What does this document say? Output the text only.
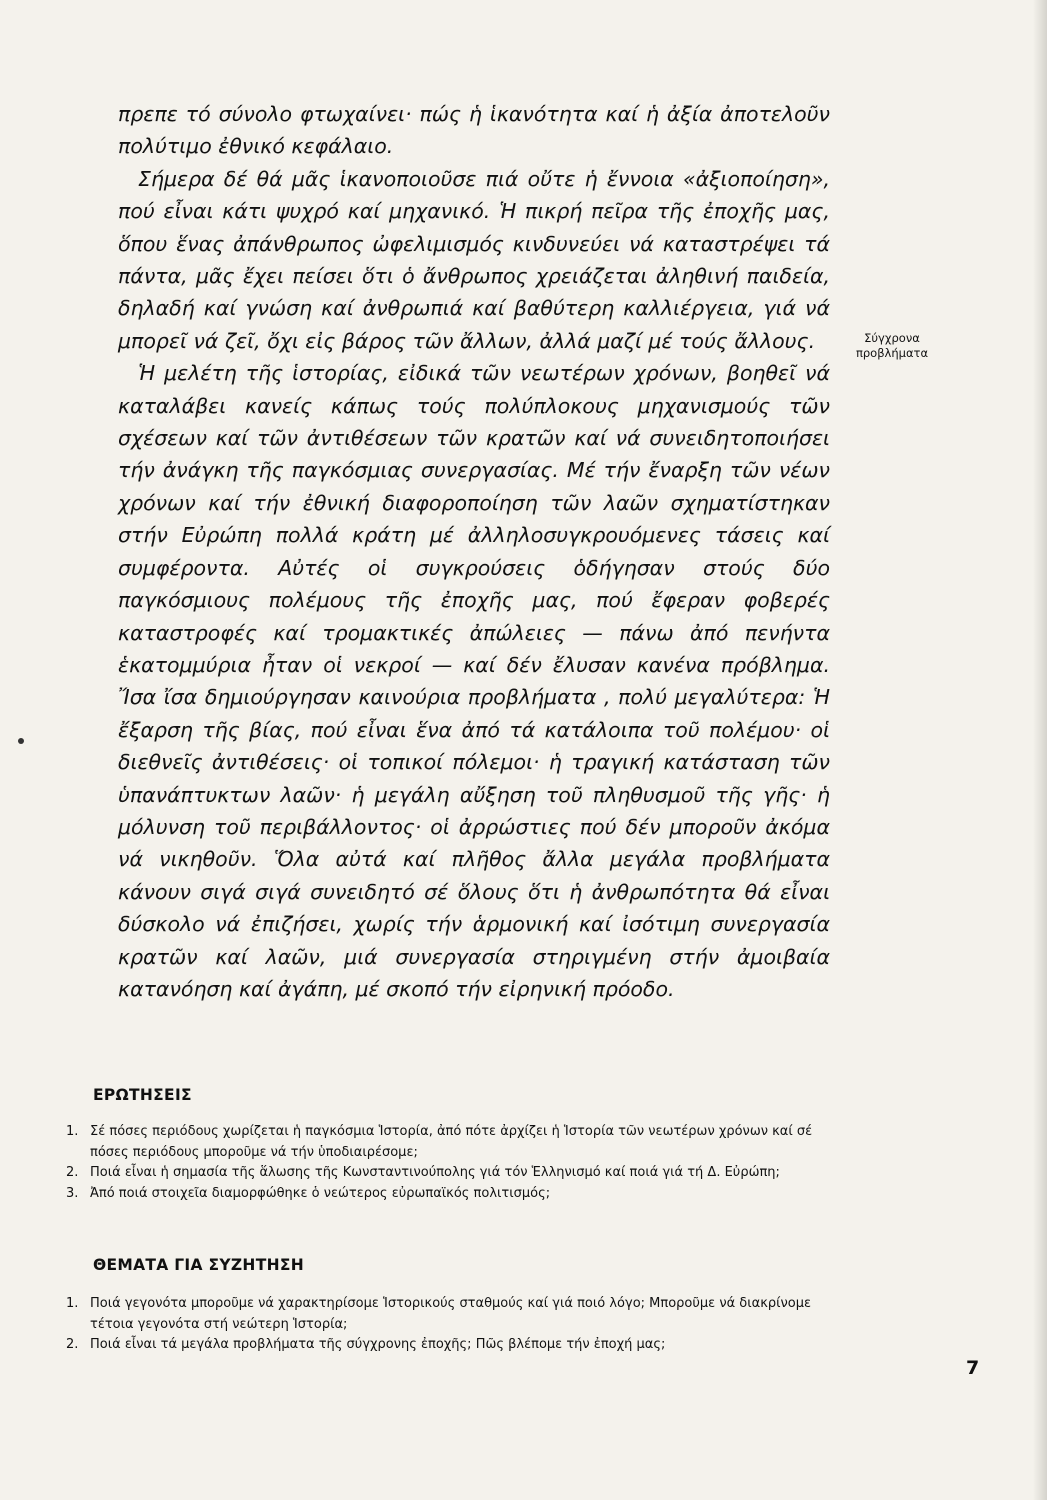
πρεπε τό σύνολο φτωχαίνει· πώς ἡ ἱκανότητα καί ἡ ἀξία ἀποτελοῦν πολύτιμο ἐθνικό κεφάλαιο.

Σήμερα δέ θά μᾶς ἱκανοποιοῦσε πιά οὔτε ἡ ἔννοια «ἀξιοποίηση», πού εἶναι κάτι ψυχρό καί μηχανικό. Ἡ πικρή πεῖρα τῆς ἐποχῆς μας, ὅπου ἕνας ἀπάνθρωπος ὠφελιμισμός κινδυνεύει νά καταστρέψει τά πάντα, μᾶς ἔχει πείσει ὅτι ὁ ἄνθρωπος χρειάζεται ἀληθινή παιδεία, δηλαδή καί γνώση καί ἀνθρωπιά καί βαθύτερη καλλιέργεια, γιά νά μπορεῖ νά ζεῖ, ὄχι εἰς βάρος τῶν ἄλλων, ἀλλά μαζί μέ τούς ἄλλους.

Ἡ μελέτη τῆς ἱστορίας, εἰδικά τῶν νεωτέρων χρόνων, βοηθεῖ νά καταλάβει κανείς κάπως τούς πολύπλοκους μηχανισμούς τῶν σχέσεων καί τῶν ἀντιθέσεων τῶν κρατῶν καί νά συνειδητοποιήσει τήν ἀνάγκη τῆς παγκόσμιας συνεργασίας. Μέ τήν ἔναρξη τῶν νέων χρόνων καί τήν ἐθνική διαφοροποίηση τῶν λαῶν σχηματίστηκαν στήν Εὐρώπη πολλά κράτη μέ ἀλληλοσυγκρουόμενες τάσεις καί συμφέροντα. Αὐτές οἱ συγκρούσεις ὁδήγησαν στούς δύο παγκόσμιους πολέμους τῆς ἐποχῆς μας, πού ἔφεραν φοβερές καταστροφές καί τρομακτικές ἀπώλειες — πάνω ἀπό πενήντα ἑκατομμύρια ἦταν οἱ νεκροί — καί δέν ἔλυσαν κανένα πρόβλημα. Ἴσα ἴσα δημιούργησαν καινούρια προβλήματα , πολύ μεγαλύτερα: Ἡ ἔξαρση τῆς βίας, πού εἶναι ἕνα ἀπό τά κατάλοιπα τοῦ πολέμου· οἱ διεθνεῖς ἀντιθέσεις· οἱ τοπικοί πόλεμοι· ἡ τραγική κατάσταση τῶν ὑπανάπτυκτων λαῶν· ἡ μεγάλη αὔξηση τοῦ πληθυσμοῦ τῆς γῆς· ἡ μόλυνση τοῦ περιβάλλοντος· οἱ ἀρρώστιες πού δέν μποροῦν ἀκόμα νά νικηθοῦν. Ὅλα αὐτά καί πλῆθος ἄλλα μεγάλα προβλήματα κάνουν σιγά σιγά συνειδητό σέ ὅλους ὅτι ἡ ἀνθρωπότητα θά εἶναι δύσκολο νά ἐπιζήσει, χωρίς τήν ἁρμονική καί ἰσότιμη συνεργασία κρατῶν καί λαῶν, μιά συνεργασία στηριγμένη στήν ἀμοιβαία κατανόηση καί ἀγάπη, μέ σκοπό τήν εἰρηνική πρόοδο.

Σύγχρονα
προβλήματα
ΕΡΩΤΗΣΕΙΣ
1. Σέ πόσες περιόδους χωρίζεται ἡ παγκόσμια Ἱστορία, ἀπό πότε ἀρχίζει ἡ Ἱστορία τῶν νεωτέρων χρόνων καί σέ πόσες περιόδους μποροῦμε νά τήν ὑποδιαιρέσομε;
2. Ποιά εἶναι ἡ σημασία τῆς ἅλωσης τῆς Κωνσταντινούπολης γιά τόν Ἑλληνισμό καί ποιά γιά τή Δ. Εὐρώπη;
3. Ἀπό ποιά στοιχεῖα διαμορφώθηκε ὁ νεώτερος εὐρωπαϊκός πολιτισμός;
ΘΕΜΑΤΑ ΓΙΑ ΣΥΖΗΤΗΣΗ
1. Ποιά γεγονότα μποροῦμε νά χαρακτηρίσομε Ἱστορικούς σταθμούς καί γιά ποιό λόγο; Μποροῦμε νά διακρίνομε τέτοια γεγονότα στή νεώτερη Ἱστορία;
2. Ποιά εἶναι τά μεγάλα προβλήματα τῆς σύγχρονης ἐποχῆς; Πῶς βλέπομε τήν ἐποχή μας;
7
